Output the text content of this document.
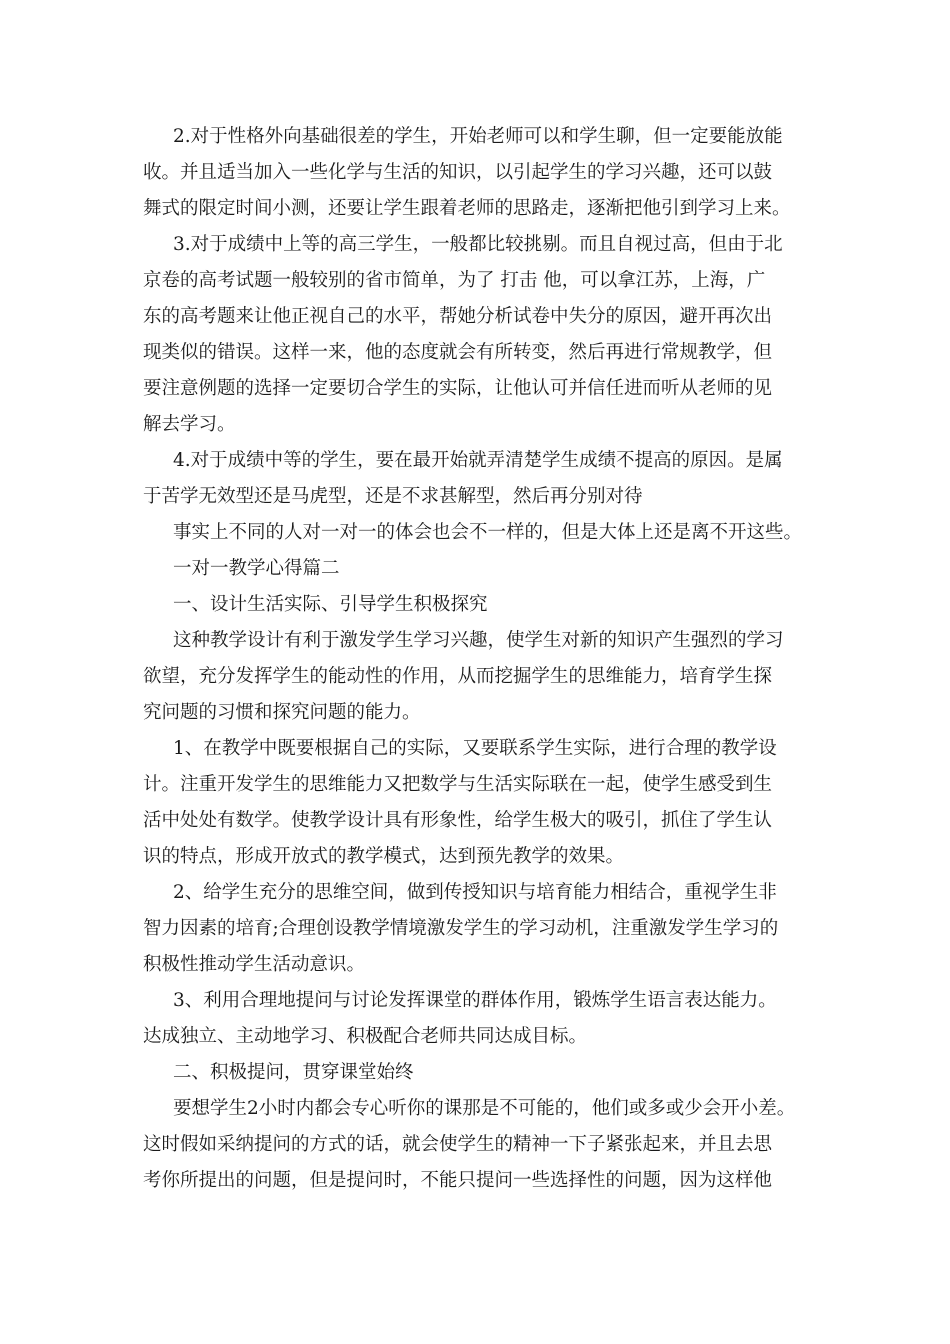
2.对于性格外向基础很差的学生，开始老师可以和学生聊，但一定要能放能
收。并且适当加入一些化学与生活的知识，以引起学生的学习兴趣，还可以鼓
舞式的限定时间小测，还要让学生跟着老师的思路走，逐渐把他引到学习上来。
3.对于成绩中上等的高三学生，一般都比较挑剔。而且自视过高，但由于北
京卷的高考试题一般较别的省市简单，为了 打击 他，可以拿江苏，上海，广
东的高考题来让他正视自己的水平，帮她分析试卷中失分的原因，避开再次出
现类似的错误。这样一来，他的态度就会有所转变，然后再进行常规教学，但
要注意例题的选择一定要切合学生的实际，让他认可并信任进而听从老师的见
解去学习。
4.对于成绩中等的学生，要在最开始就弄清楚学生成绩不提高的原因。是属
于苦学无效型还是马虎型，还是不求甚解型，然后再分别对待
事实上不同的人对一对一的体会也会不一样的，但是大体上还是离不开这些。
一对一教学心得篇二
一、设计生活实际、引导学生积极探究
这种教学设计有利于激发学生学习兴趣，使学生对新的知识产生强烈的学习
欲望，充分发挥学生的能动性的作用，从而挖掘学生的思维能力，培育学生探
究问题的习惯和探究问题的能力。
1、在教学中既要根据自己的实际，又要联系学生实际，进行合理的教学设
计。注重开发学生的思维能力又把数学与生活实际联在一起，使学生感受到生
活中处处有数学。使教学设计具有形象性，给学生极大的吸引，抓住了学生认
识的特点，形成开放式的教学模式，达到预先教学的效果。
2、给学生充分的思维空间，做到传授知识与培育能力相结合，重视学生非
智力因素的培育;合理创设教学情境激发学生的学习动机，注重激发学生学习的
积极性推动学生活动意识。
3、利用合理地提问与讨论发挥课堂的群体作用，锻炼学生语言表达能力。
达成独立、主动地学习、积极配合老师共同达成目标。
二、积极提问，贯穿课堂始终
要想学生2小时内都会专心听你的课那是不可能的，他们或多或少会开小差。
这时假如采纳提问的方式的话，就会使学生的精神一下子紧张起来，并且去思
考你所提出的问题，但是提问时，不能只提问一些选择性的问题，因为这样他
